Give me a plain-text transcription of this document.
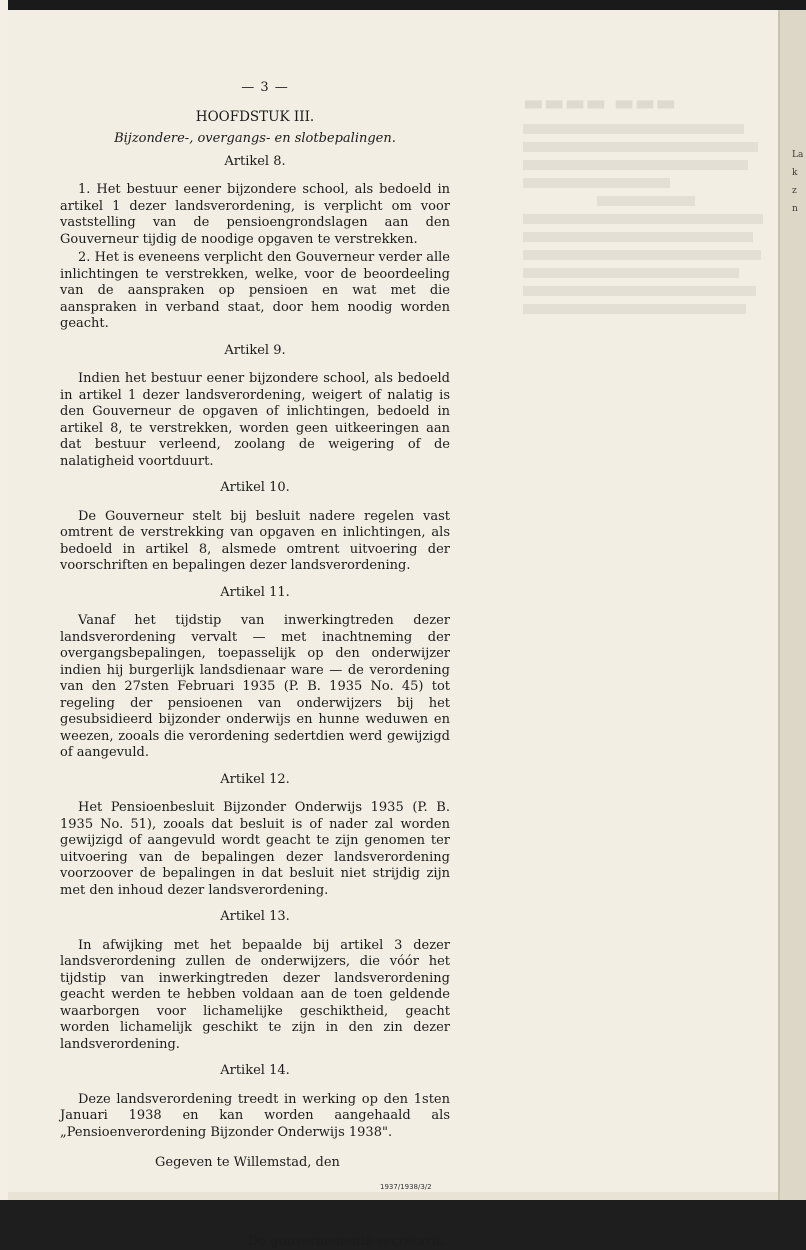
▬▬▬▬ ▬▬▬
La
k
z
n
— 3 —
HOOFDSTUK III.
Bijzondere-, overgangs- en slotbepalingen.
Artikel 8.

1. Het bestuur eener bijzondere school, als bedoeld in artikel 1 dezer landsverordening, is verplicht om voor vaststelling van de pensioengrondslagen aan den Gouverneur tijdig de noodige opgaven te verstrekken.

2. Het is eveneens verplicht den Gouverneur verder alle inlichtingen te verstrekken, welke, voor de beoordeeling van de aanspraken op pensioen en wat met die aanspraken in verband staat, door hem noodig worden geacht.

Artikel 9.

Indien het bestuur eener bijzondere school, als bedoeld in artikel 1 dezer landsverordening, weigert of nalatig is den Gouverneur de opgaven of inlichtingen, bedoeld in artikel 8, te verstrekken, worden geen uitkeeringen aan dat bestuur verleend, zoolang de weigering of de nalatigheid voortduurt.

Artikel 10.

De Gouverneur stelt bij besluit nadere regelen vast omtrent de verstrekking van opgaven en inlichtingen, als bedoeld in artikel 8, alsmede omtrent uitvoering der voorschriften en bepalingen dezer landsverordening.

Artikel 11.

Vanaf het tijdstip van inwerkingtreden dezer landsverordening vervalt — met inachtneming der overgangsbepalingen, toepasselijk op den onderwijzer indien hij burgerlijk landsdienaar ware — de verordening van den 27sten Februari 1935 (P. B. 1935 No. 45) tot regeling der pensioenen van onderwijzers bij het gesubsidieerd bijzonder onderwijs en hunne weduwen en weezen, zooals die verordening sedertdien werd gewijzigd of aangevuld.

Artikel 12.

Het Pensioenbesluit Bijzonder Onderwijs 1935 (P. B. 1935 No. 51), zooals dat besluit is of nader zal worden gewijzigd of aangevuld wordt geacht te zijn genomen ter uitvoering van de bepalingen dezer landsverordening voorzoover de bepalingen in dat besluit niet strijdig zijn met den inhoud dezer landsverordening.

Artikel 13.

In afwijking met het bepaalde bij artikel 3 dezer landsverordening zullen de onderwijzers, die vóór het tijdstip van inwerkingtreden dezer landsverordening geacht werden te hebben voldaan aan de toen geldende waarborgen voor lichamelijke geschiktheid, geacht worden lichamelijk geschikt te zijn in den zin dezer landsverordening.

Artikel 14.

Deze landsverordening treedt in werking op den 1sten Januari 1938 en kan worden aangehaald als „Pensioenverordening Bijzonder Onderwijs 1938".

Gegeven te Willemstad, den
De gouvernements-secretaris,
1937/1938/3/2
